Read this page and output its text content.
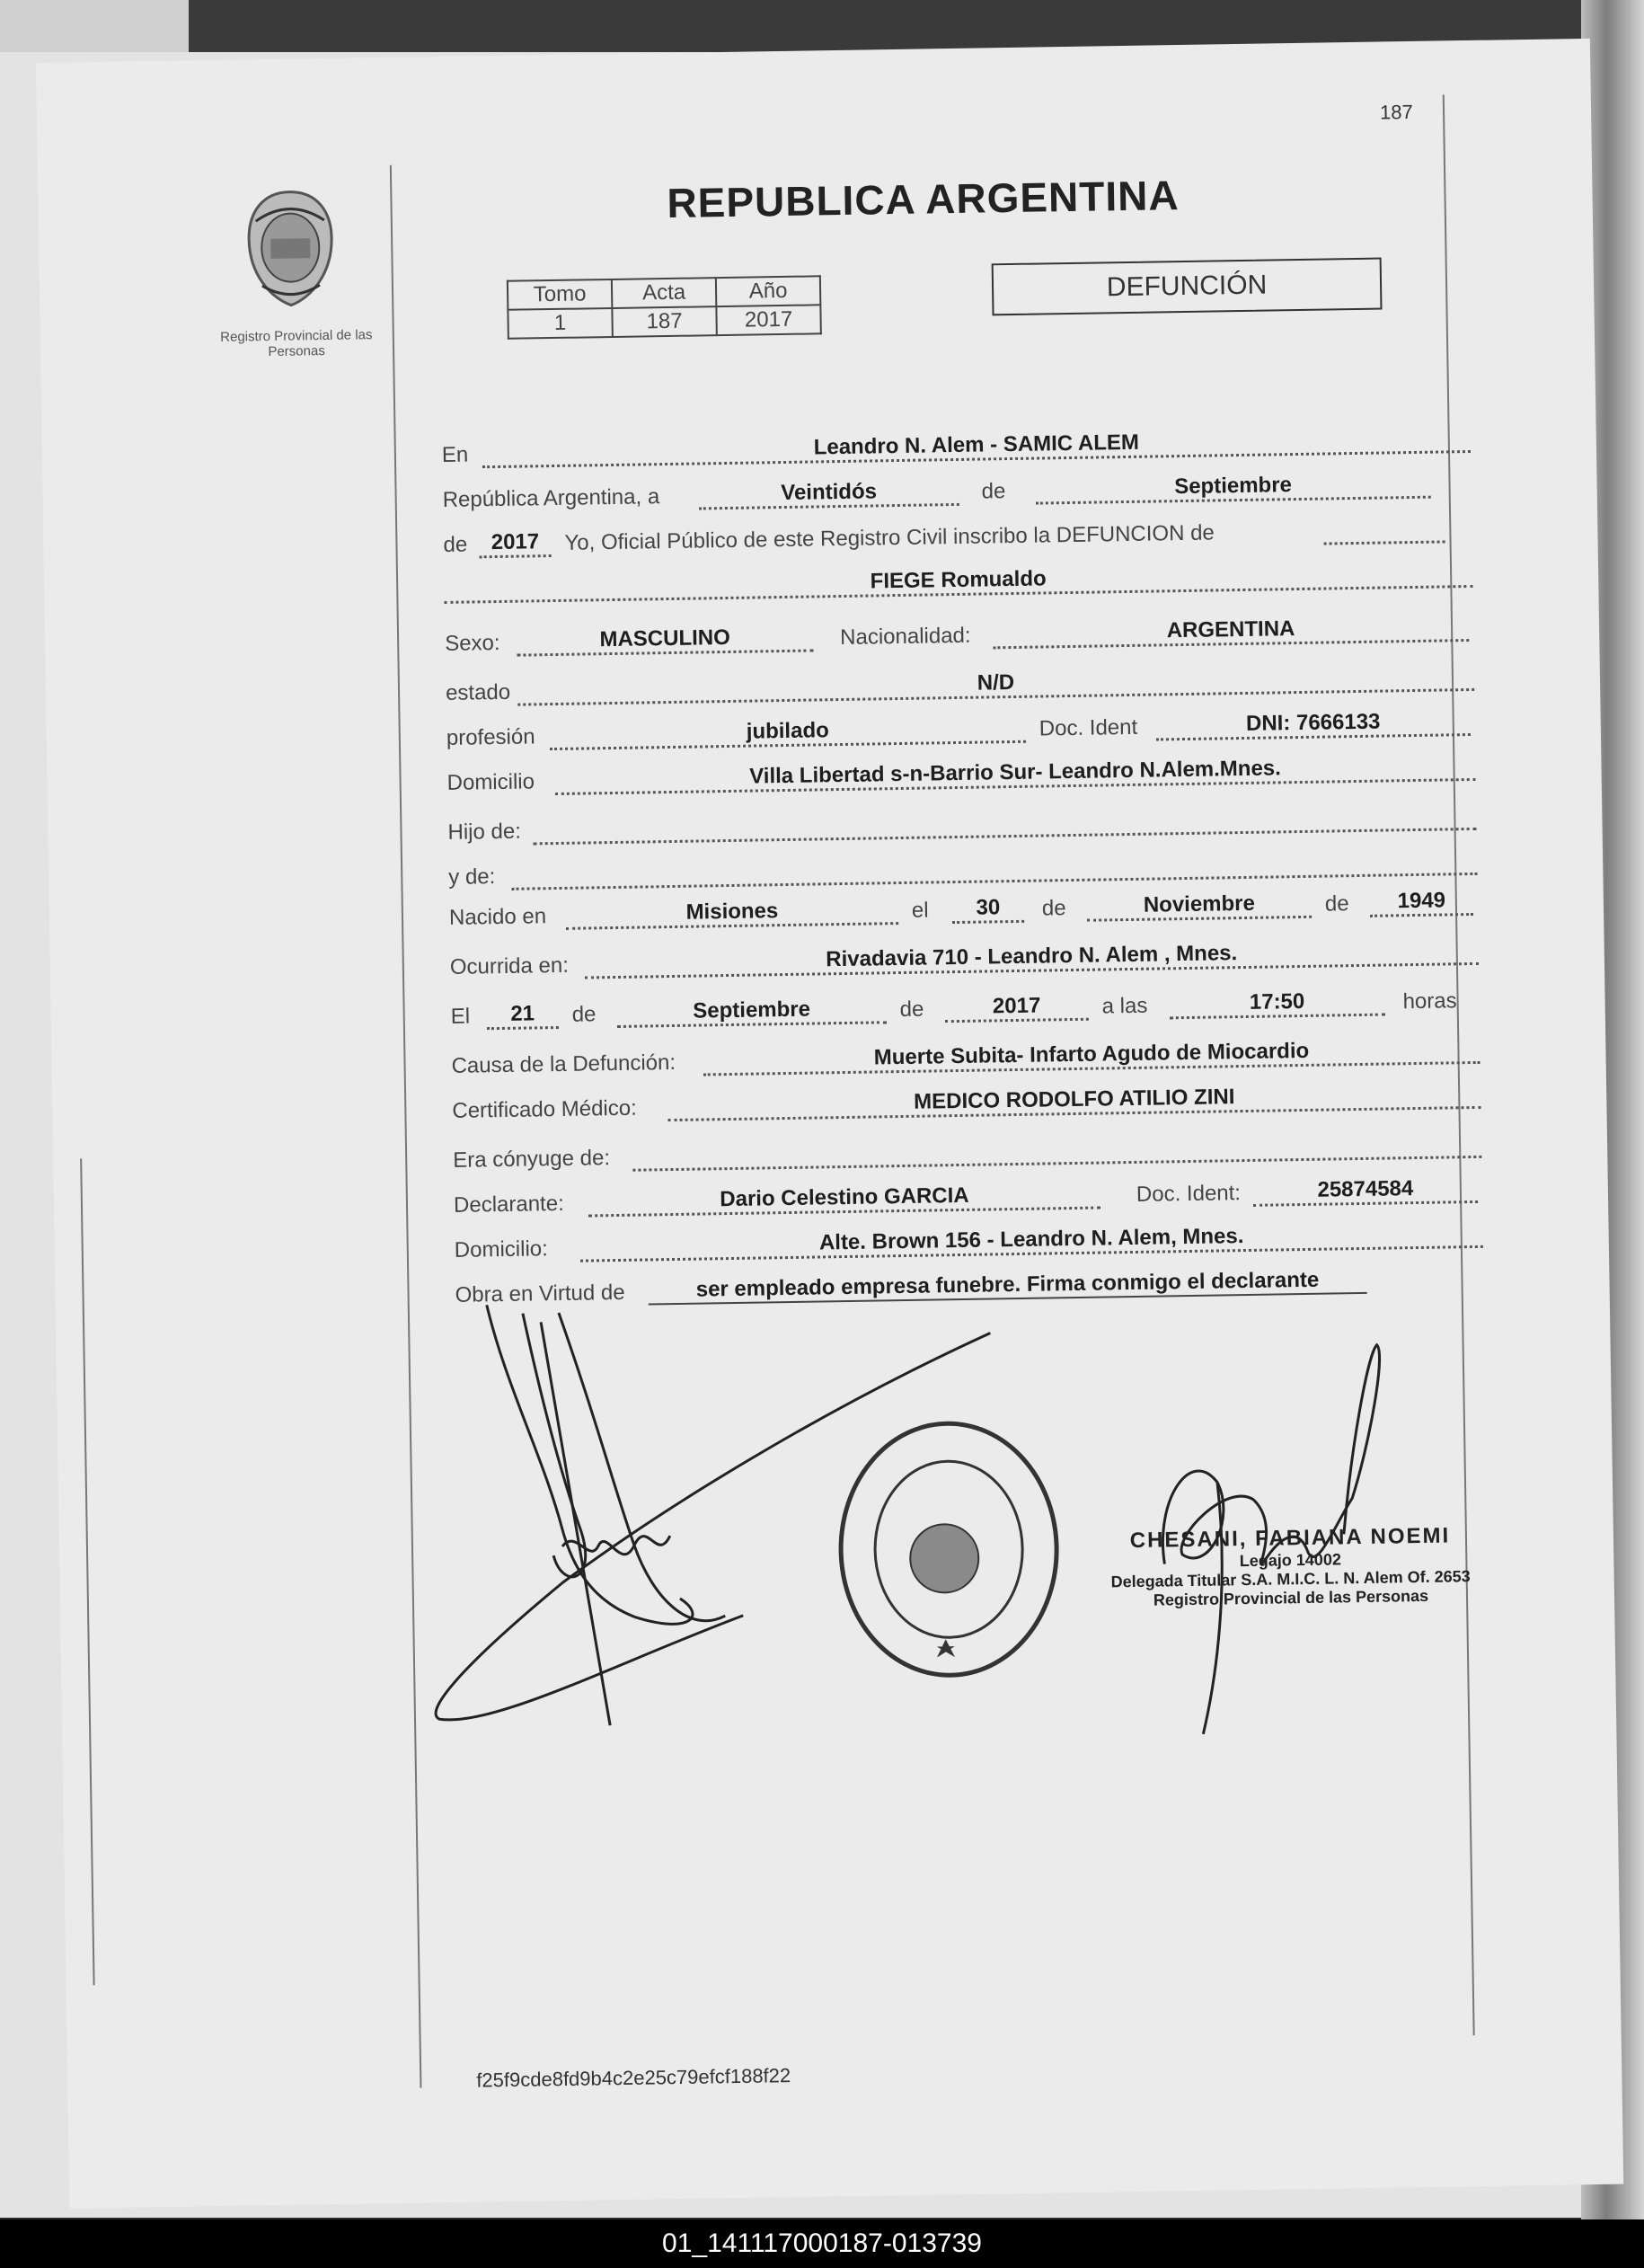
187
Registro Provincial de las Personas
REPUBLICA ARGENTINA
Tomo	Acta	Año
1	187	2017
DEFUNCIÓN
En	Leandro N. Alem - SAMIC ALEM
República Argentina, a	Veintidós	de	Septiembre
de	2017	Yo, Oficial Público de este Registro Civil inscribo la DEFUNCION de
FIEGE Romualdo
Sexo:	MASCULINO	Nacionalidad:	ARGENTINA
estado	N/D
profesión	jubilado	Doc. Ident	DNI: 7666133
Domicilio	Villa Libertad s-n-Barrio Sur- Leandro N.Alem.Mnes.
Hijo de:
y de:
Nacido en	Misiones	el	30	de	Noviembre	de	1949
Ocurrida en:	Rivadavia 710 - Leandro N. Alem , Mnes.
El	21	de	Septiembre	de	2017	a las	17:50	horas
Causa de la Defunción:	Muerte Subita- Infarto Agudo de Miocardio
Certificado Médico:	MEDICO RODOLFO ATILIO ZINI
Era cónyuge de:
Declarante:	Dario Celestino GARCIA	Doc. Ident:	25874584
Domicilio:	Alte. Brown 156 - Leandro N. Alem, Mnes.
Obra en Virtud de	ser empleado empresa funebre. Firma conmigo el declarante
CHESANI, FABIANA NOEMI
Legajo 14002
Delegada Titular S.A. M.I.C. L. N. Alem Of. 2653
Registro Provincial de las Personas
f25f9cde8fd9b4c2e25c79efcf188f22
01_141117000187-013739
